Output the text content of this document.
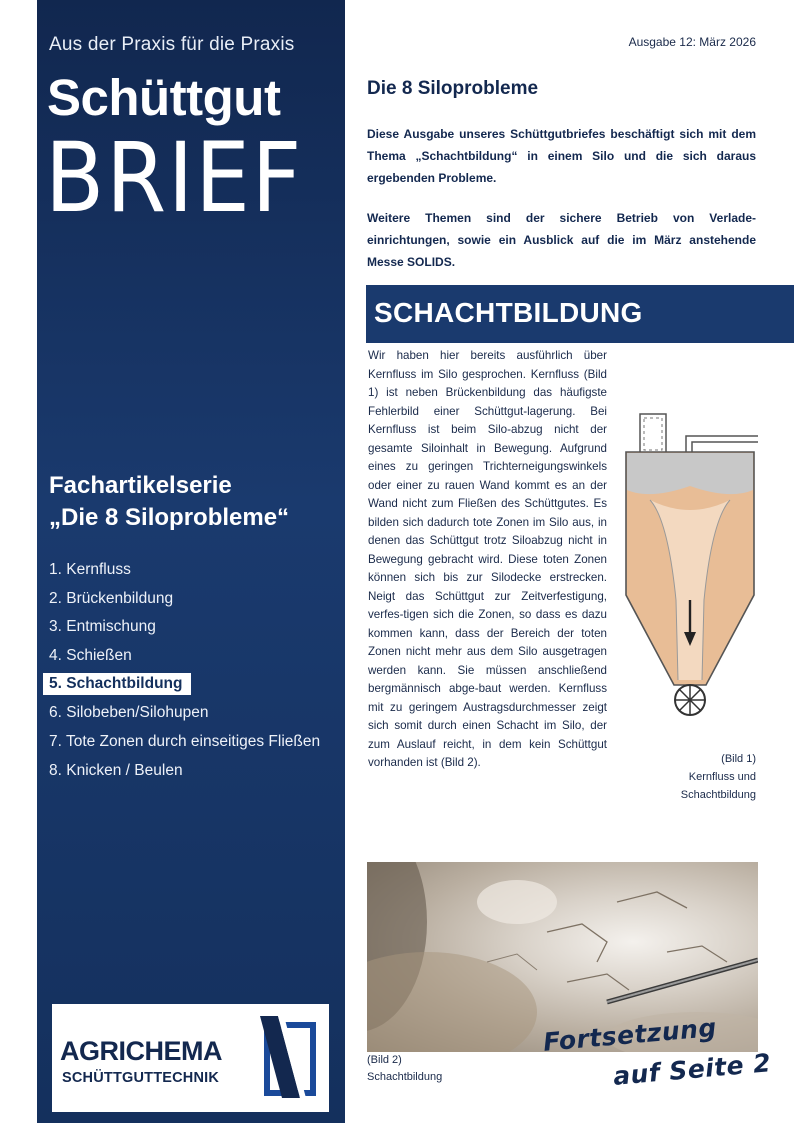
Aus der Praxis für die Praxis
Schüttgut
BRIEF
Fachartikelserie
„Die 8 Siloprobleme“
1. Kernfluss
2. Brückenbildung
3. Entmischung
4. Schießen
5. Schachtbildung
6. Silobeben/Silohupen
7. Tote Zonen durch einseitiges Fließen
8. Knicken / Beulen
AGRICHEMA
SCHÜTTGUTTECHNIK
Ausgabe 12: März 2026
Die 8 Siloprobleme

Diese Ausgabe unseres Schüttgutbriefes beschäftigt sich mit dem Thema „Schachtbildung“ in einem Silo und die sich daraus ergebenden Probleme.

Weitere Themen sind der sichere Betrieb von Verlade-einrichtungen, sowie ein Ausblick auf die im März anstehende Messe SOLIDS.

SCHACHTBILDUNG
Wir haben hier bereits ausführlich über Kernfluss im Silo gesprochen. Kernfluss (Bild 1) ist neben Brückenbildung das häufigste Fehlerbild einer Schüttgut-lagerung. Bei Kernfluss ist beim Silo-abzug nicht der gesamte Siloinhalt in Bewegung. Aufgrund eines zu geringen Trichterneigungswinkels oder einer zu rauen Wand kommt es an der Wand nicht zum Fließen des Schüttgutes. Es bilden sich dadurch tote Zonen im Silo aus, in denen das Schüttgut trotz Siloabzug nicht in Bewegung gebracht wird. Diese toten Zonen können sich bis zur Silodecke erstrecken. Neigt das Schüttgut zur Zeitverfestigung, verfes-tigen sich die Zonen, so dass es dazu kommen kann, dass der Bereich der toten Zonen nicht mehr aus dem Silo ausgetragen werden kann. Sie müssen anschließend bergmännisch abge-baut werden. Kernfluss mit zu geringem Austragsdurchmesser zeigt sich somit durch einen Schacht im Silo, der zum Auslauf reicht, in dem kein Schüttgut vorhanden ist (Bild 2).	(Bild 1)
Kernfluss und
Schachtbildung
(Bild 2)
Schachtbildung
Fortsetzung
auf Seite 2
